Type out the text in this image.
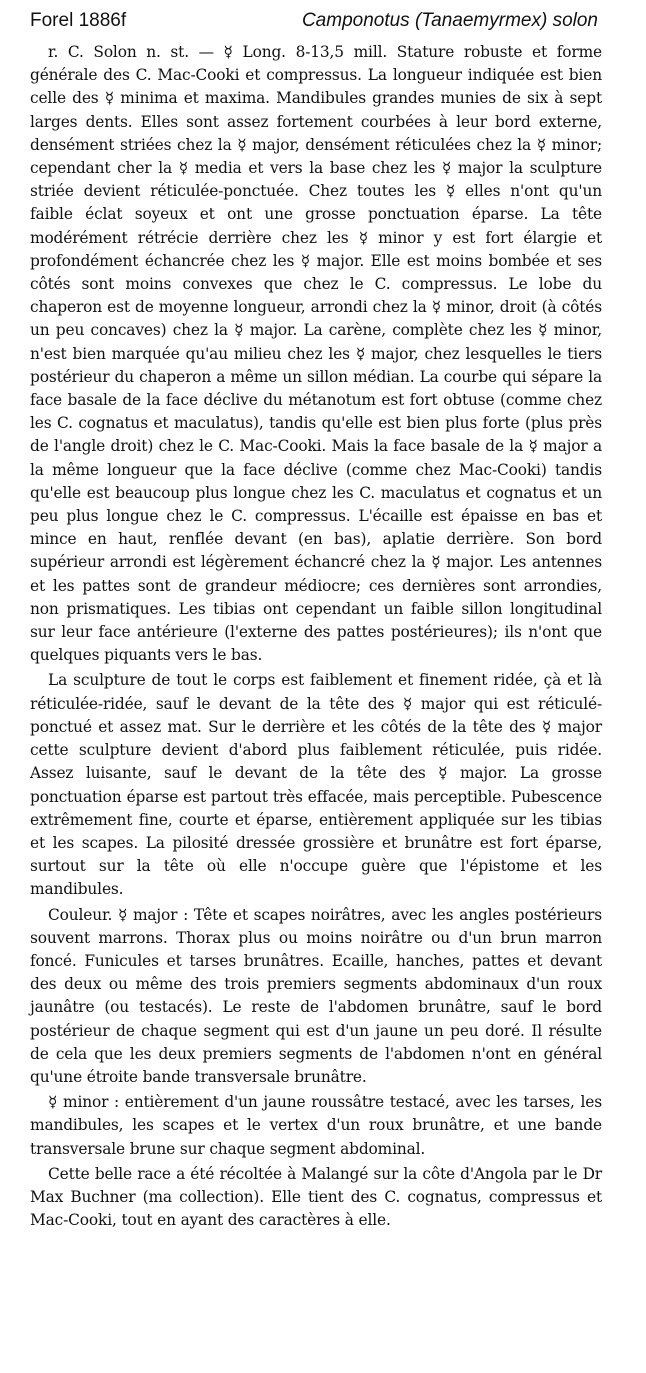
Forel 1886f	Camponotus (Tanaemyrmex) solon

r. C. Solon n. st. — ☿ Long. 8-13,5 mill. Stature robuste et forme générale des C. Mac-Cooki et compressus. La longueur indiquée est bien celle des ☿ minima et maxima. Mandibules grandes munies de six à sept larges dents. Elles sont assez fortement courbées à leur bord externe, densément striées chez la ☿ major, densément réticulées chez la ☿ minor; cependant cher la ☿ media et vers la base chez les ☿ major la sculpture striée devient réticulée-ponctuée. Chez toutes les ☿ elles n'ont qu'un faible éclat soyeux et ont une grosse ponctuation éparse. La tête modérément rétrécie derrière chez les ☿ minor y est fort élargie et profondément échancrée chez les ☿ major. Elle est moins bombée et ses côtés sont moins convexes que chez le C. compressus. Le lobe du chaperon est de moyenne longueur, arrondi chez la ☿ minor, droit (à côtés un peu concaves) chez la ☿ major. La carène, complète chez les ☿ minor, n'est bien marquée qu'au milieu chez les ☿ major, chez lesquelles le tiers postérieur du chaperon a même un sillon médian. La courbe qui sépare la face basale de la face déclive du métanotum est fort obtuse (comme chez les C. cognatus et maculatus), tandis qu'elle est bien plus forte (plus près de l'angle droit) chez le C. Mac-Cooki. Mais la face basale de la ☿ major a la même longueur que la face déclive (comme chez Mac-Cooki) tandis qu'elle est beaucoup plus longue chez les C. maculatus et cognatus et un peu plus longue chez le C. compressus. L'écaille est épaisse en bas et mince en haut, renflée devant (en bas), aplatie derrière. Son bord supérieur arrondi est légèrement échancré chez la ☿ major. Les antennes et les pattes sont de grandeur médiocre; ces dernières sont arrondies, non prismatiques. Les tibias ont cependant un faible sillon longitudinal sur leur face antérieure (l'externe des pattes postérieures); ils n'ont que quelques piquants vers le bas.

La sculpture de tout le corps est faiblement et finement ridée, çà et là réticulée-ridée, sauf le devant de la tête des ☿ major qui est réticulé-ponctué et assez mat. Sur le derrière et les côtés de la tête des ☿ major cette sculpture devient d'abord plus faiblement réticulée, puis ridée. Assez luisante, sauf le devant de la tête des ☿ major. La grosse ponctuation éparse est partout très effacée, mais perceptible. Pubescence extrêmement fine, courte et éparse, entièrement appliquée sur les tibias et les scapes. La pilosité dressée grossière et brunâtre est fort éparse, surtout sur la tête où elle n'occupe guère que l'épistome et les mandibules.

Couleur. ☿ major : Tête et scapes noirâtres, avec les angles postérieurs souvent marrons. Thorax plus ou moins noirâtre ou d'un brun marron foncé. Funicules et tarses brunâtres. Ecaille, hanches, pattes et devant des deux ou même des trois premiers segments abdominaux d'un roux jaunâtre (ou testacés). Le reste de l'abdomen brunâtre, sauf le bord postérieur de chaque segment qui est d'un jaune un peu doré. Il résulte de cela que les deux premiers segments de l'abdomen n'ont en général qu'une étroite bande transversale brunâtre.

☿ minor : entièrement d'un jaune roussâtre testacé, avec les tarses, les mandibules, les scapes et le vertex d'un roux brunâtre, et une bande transversale brune sur chaque segment abdominal.

Cette belle race a été récoltée à Malangé sur la côte d'Angola par le Dr Max Buchner (ma collection). Elle tient des C. cognatus, compressus et Mac-Cooki, tout en ayant des caractères à elle.
